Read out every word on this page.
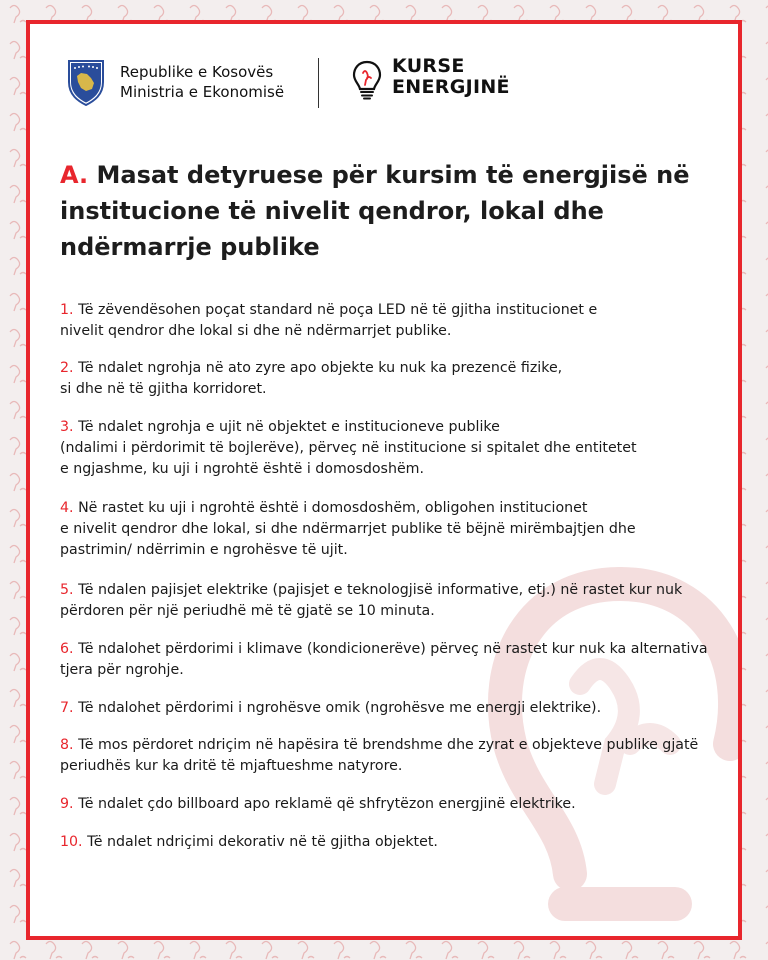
Republike e Kosovës
Ministria e Ekonomisë
KURSE
ENERGJINË
A. Masat detyruese për kursim të energjisë në institucione të nivelit qendror, lokal dhe ndërmarrje publike
1. Të zëvendësohen poçat standard në poça LED në të gjitha institucionet e
nivelit qendror dhe lokal si dhe në ndërmarrjet publike.
2. Të ndalet ngrohja në ato zyre apo objekte ku nuk ka prezencë fizike,
si dhe në të gjitha korridoret.
3. Të ndalet ngrohja e ujit në objektet e institucioneve publike
(ndalimi i përdorimit të bojlerëve), përveç në institucione si spitalet dhe entitetet
e ngjashme, ku uji i ngrohtë është i domosdoshëm.
4. Në rastet ku uji i ngrohtë është i domosdoshëm, obligohen institucionet
e nivelit qendror dhe lokal, si dhe ndërmarrjet publike të bëjnë mirëmbajtjen dhe
pastrimin/ ndërrimin e ngrohësve të ujit.
5. Të ndalen pajisjet elektrike (pajisjet e teknologjisë informative, etj.) në rastet kur nuk
përdoren për një periudhë më të gjatë se 10 minuta.
6. Të ndalohet përdorimi i klimave (kondicionerëve) përveç në rastet kur nuk ka alternativa
tjera për ngrohje.
7. Të ndalohet përdorimi i ngrohësve omik (ngrohësve me energji elektrike).
8. Të mos përdoret ndriçim në hapësira të brendshme dhe zyrat e objekteve publike gjatë
periudhës kur ka dritë të mjaftueshme natyrore.
9. Të ndalet çdo billboard apo reklamë që shfrytëzon energjinë elektrike.
10. Të ndalet ndriçimi dekorativ në të gjitha objektet.
